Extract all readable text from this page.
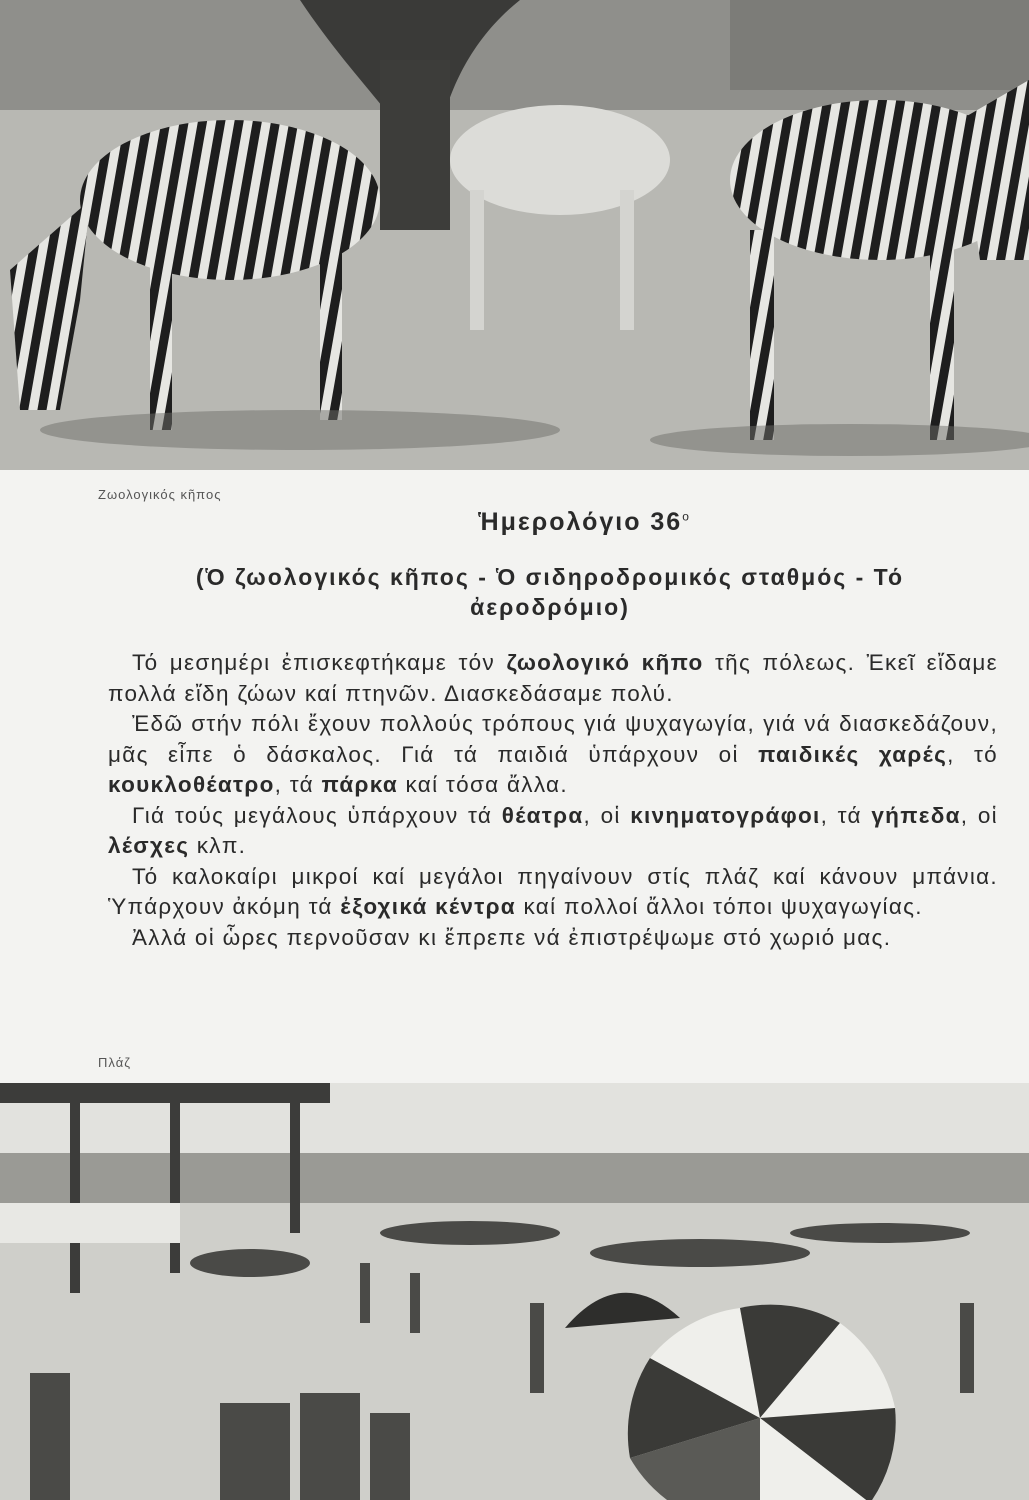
Ζωολογικός κῆπος
Ἡμερολόγιο $36^o$
(Ὁ ζωολογικός κῆπος - Ὁ σιδηροδρομικός σταθμός - Τό ἀεροδρόμιο)

Τό μεσημέρι ἐπισκεφτήκαμε τόν ζωολογικό κῆπο τῆς πόλεως. Ἐκεῖ εἴδαμε πολλά εἴδη ζώων καί πτηνῶν. Διασκεδάσαμε πολύ.

Ἐδῶ στήν πόλι ἔχουν πολλούς τρόπους γιά ψυχαγωγία, γιά νά διασκεδάζουν, μᾶς εἶπε ὁ δάσκαλος. Γιά τά παιδιά ὑπάρχουν οἱ παιδικές χαρές, τό κουκλοθέατρο, τά πάρκα καί τόσα ἄλλα.

Γιά τούς μεγάλους ὑπάρχουν τά θέατρα, οἱ κινηματογράφοι, τά γήπεδα, οἱ λέσχες κλπ.

Τό καλοκαίρι μικροί καί μεγάλοι πηγαίνουν στίς πλάζ καί κάνουν μπάνια. Ὑπάρχουν ἀκόμη τά ἐξοχικά κέντρα καί πολλοί ἄλλοι τόποι ψυχαγωγίας.

Ἀλλά οἱ ὧρες περνοῦσαν κι ἔπρεπε νά ἐπιστρέψωμε στό χωριό μας.

Πλάζ
